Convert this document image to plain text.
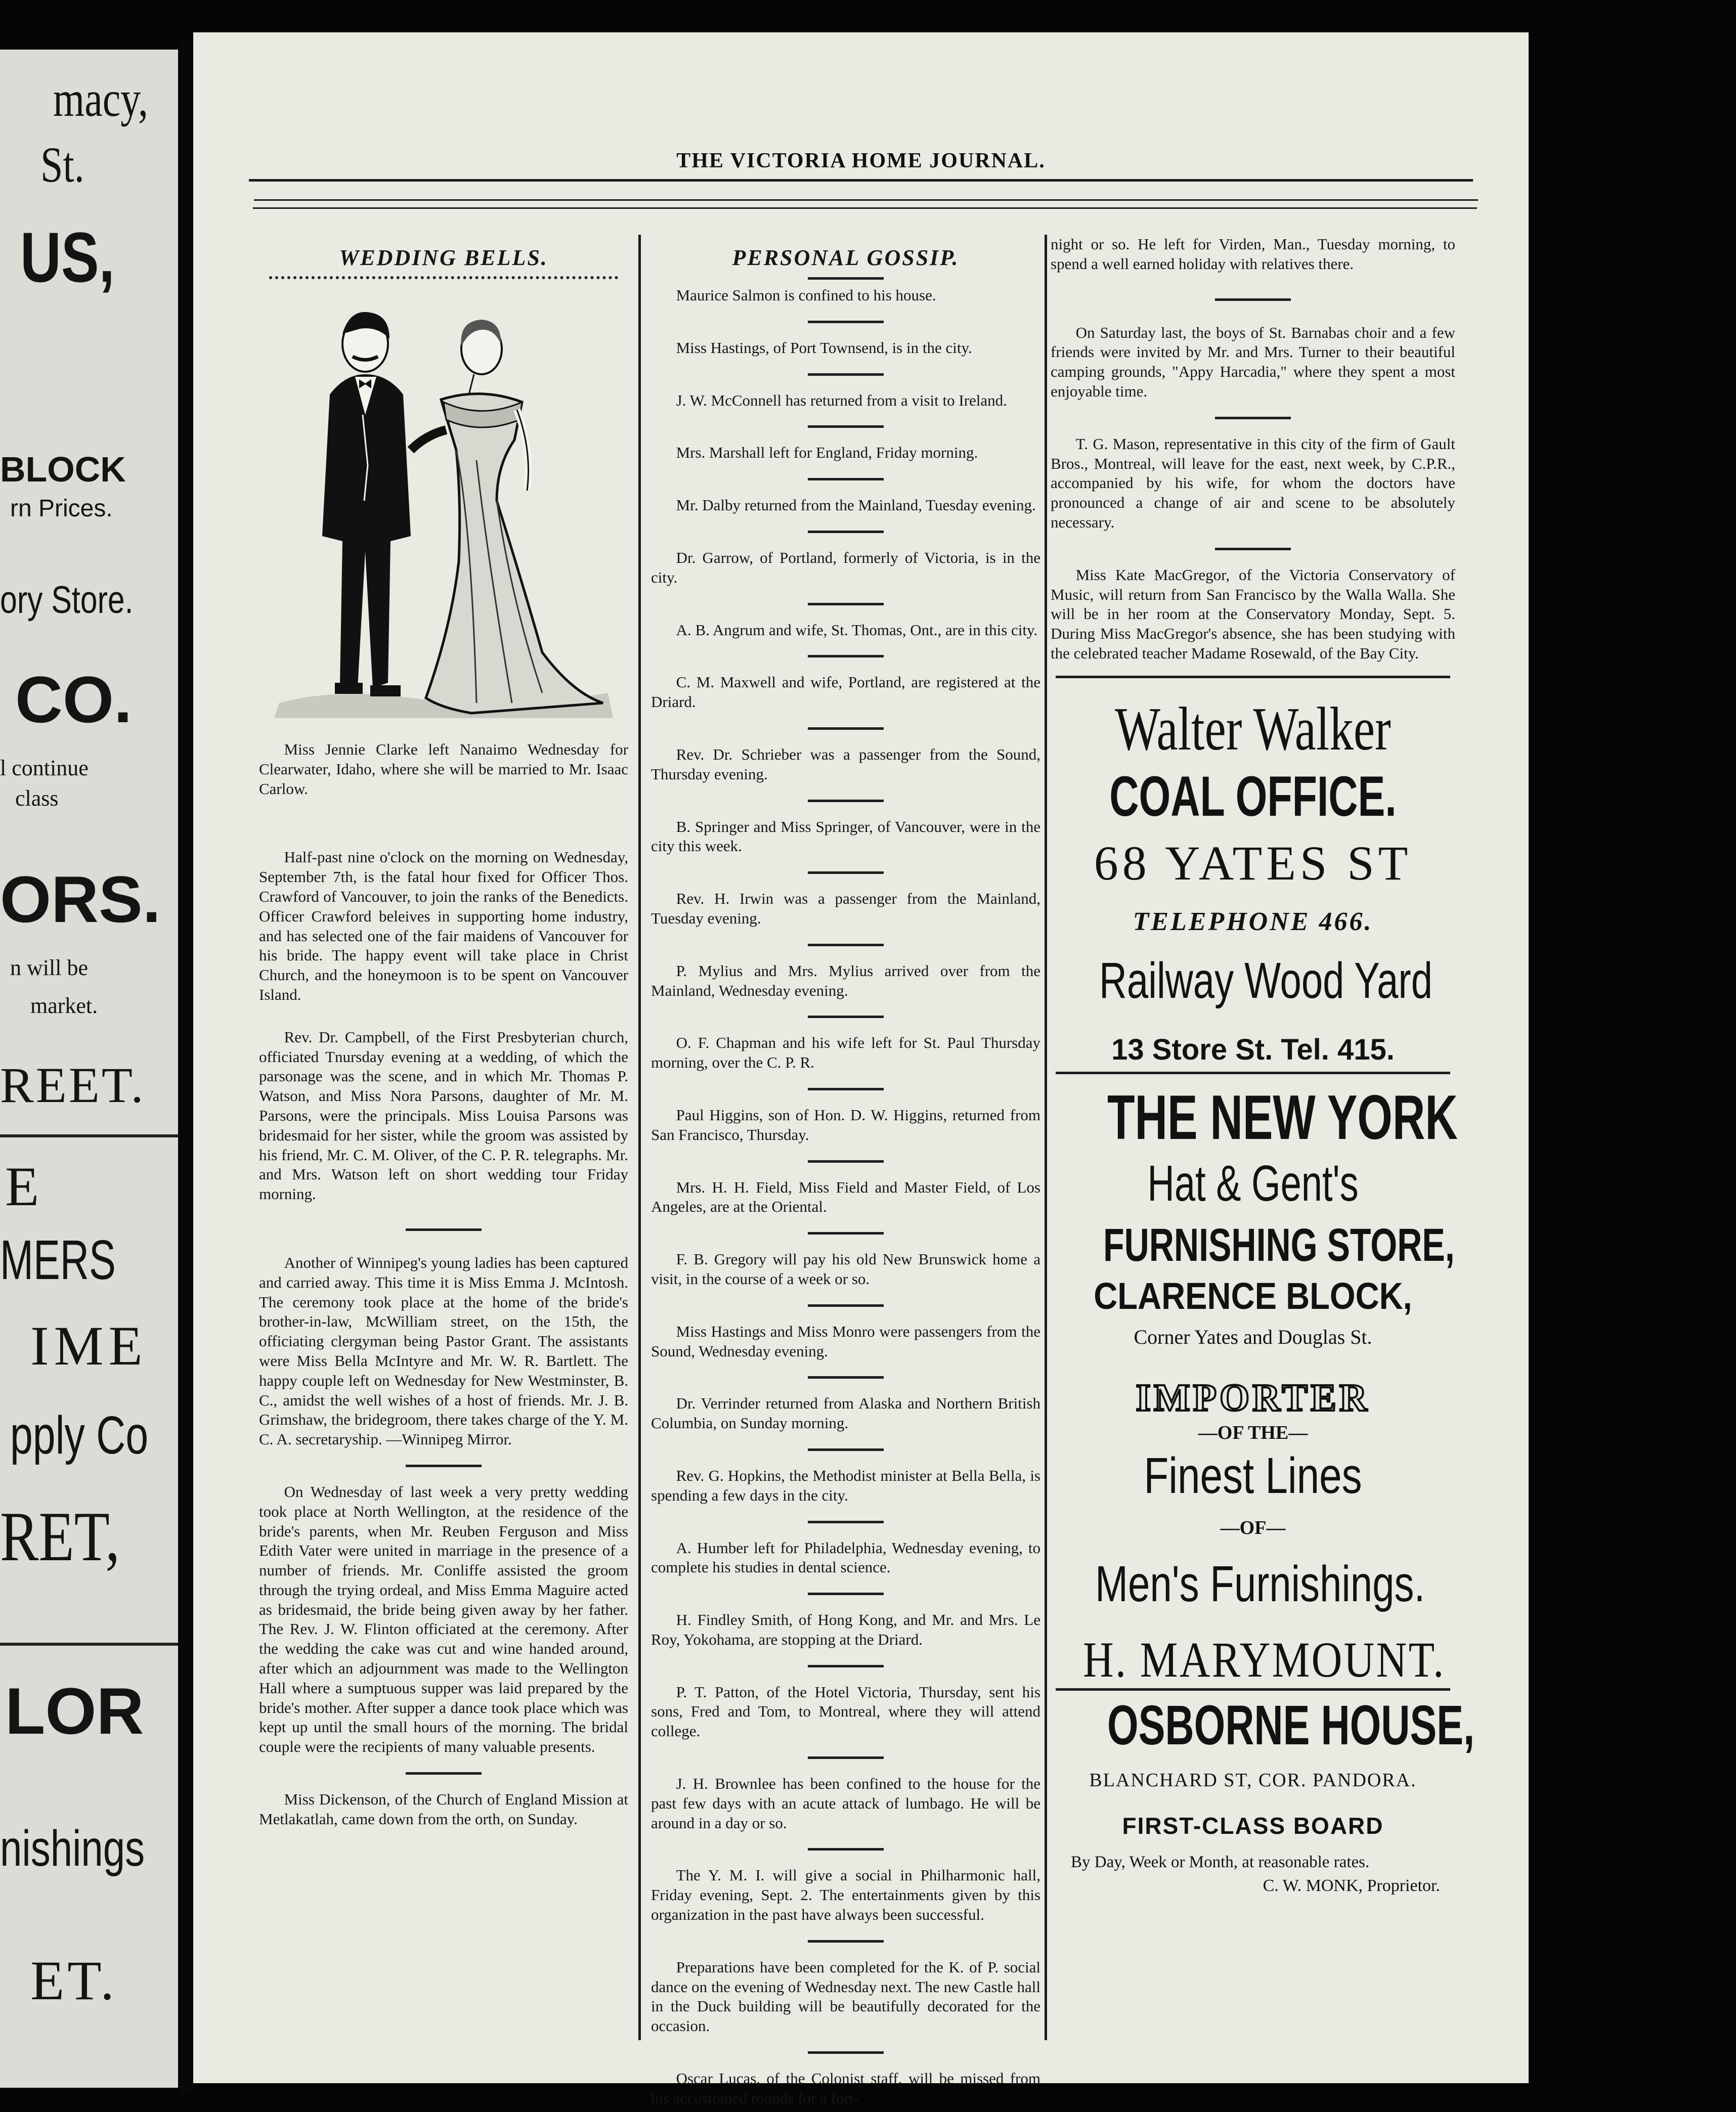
macy,
St.
US,
BLOCK
rn Prices.
ory Store.
CO.
l continue
class
ORS.
n will be
market.
REET.
E
MERS
IME
pply Co
RET,
LOR
nishings
ET.
THE VICTORIA HOME JOURNAL.
WEDDING BELLS.
Miss Jennie Clarke left Nanaimo Wednesday for Clearwater, Idaho, where she will be married to Mr. Isaac Carlow.
Half-past nine o'clock on the morning on Wednesday, September 7th, is the fatal hour fixed for Officer Thos. Crawford of Vancouver, to join the ranks of the Benedicts. Officer Crawford beleives in supporting home industry, and has selected one of the fair maidens of Vancouver for his bride. The happy event will take place in Christ Church, and the honeymoon is to be spent on Vancouver Island.
Rev. Dr. Campbell, of the First Presbyterian church, officiated Tnursday evening at a wedding, of which the parsonage was the scene, and in which Mr. Thomas P. Watson, and Miss Nora Parsons, daughter of Mr. M. Parsons, were the principals. Miss Louisa Parsons was bridesmaid for her sister, while the groom was assisted by his friend, Mr. C. M. Oliver, of the C. P. R. telegraphs. Mr. and Mrs. Watson left on short wedding tour Friday morning.
Another of Winnipeg's young ladies has been captured and carried away. This time it is Miss Emma J. McIntosh. The ceremony took place at the home of the bride's brother-in-law, McWilliam street, on the 15th, the officiating clergyman being Pastor Grant. The assistants were Miss Bella McIntyre and Mr. W. R. Bartlett. The happy couple left on Wednesday for New Westminster, B. C., amidst the well wishes of a host of friends. Mr. J. B. Grimshaw, the bridegroom, there takes charge of the Y. M. C. A. secretaryship. —Winnipeg Mirror.
On Wednesday of last week a very pretty wedding took place at North Wellington, at the residence of the bride's parents, when Mr. Reuben Ferguson and Miss Edith Vater were united in marriage in the presence of a number of friends. Mr. Conliffe assisted the groom through the trying ordeal, and Miss Emma Maguire acted as bridesmaid, the bride being given away by her father. The Rev. J. W. Flinton officiated at the ceremony. After the wedding the cake was cut and wine handed around, after which an adjournment was made to the Wellington Hall where a sumptuous supper was laid prepared by the bride's mother. After supper a dance took place which was kept up until the small hours of the morning. The bridal couple were the recipients of many valuable presents.
Miss Dickenson, of the Church of England Mission at Metlakatlah, came down from the orth, on Sunday.
PERSONAL GOSSIP.
Maurice Salmon is confined to his house.
Miss Hastings, of Port Townsend, is in the city.
J. W. McConnell has returned from a visit to Ireland.
Mrs. Marshall left for England, Friday morning.
Mr. Dalby returned from the Mainland, Tuesday evening.
Dr. Garrow, of Portland, formerly of Victoria, is in the city.
A. B. Angrum and wife, St. Thomas, Ont., are in this city.
C. M. Maxwell and wife, Portland, are registered at the Driard.
Rev. Dr. Schrieber was a passenger from the Sound, Thursday evening.
B. Springer and Miss Springer, of Vancouver, were in the city this week.
Rev. H. Irwin was a passenger from the Mainland, Tuesday evening.
P. Mylius and Mrs. Mylius arrived over from the Mainland, Wednesday evening.
O. F. Chapman and his wife left for St. Paul Thursday morning, over the C. P. R.
Paul Higgins, son of Hon. D. W. Higgins, returned from San Francisco, Thursday.
Mrs. H. H. Field, Miss Field and Master Field, of Los Angeles, are at the Oriental.
F. B. Gregory will pay his old New Brunswick home a visit, in the course of a week or so.
Miss Hastings and Miss Monro were passengers from the Sound, Wednesday evening.
Dr. Verrinder returned from Alaska and Northern British Columbia, on Sunday morning.
Rev. G. Hopkins, the Methodist minister at Bella Bella, is spending a few days in the city.
A. Humber left for Philadelphia, Wednesday evening, to complete his studies in dental science.
H. Findley Smith, of Hong Kong, and Mr. and Mrs. Le Roy, Yokohama, are stopping at the Driard.
P. T. Patton, of the Hotel Victoria, Thursday, sent his sons, Fred and Tom, to Montreal, where they will attend college.
J. H. Brownlee has been confined to the house for the past few days with an acute attack of lumbago. He will be around in a day or so.
The Y. M. I. will give a social in Philharmonic hall, Friday evening, Sept. 2. The entertainments given by this organization in the past have always been successful.
Preparations have been completed for the K. of P. social dance on the evening of Wednesday next. The new Castle hall in the Duck building will be beautifully decorated for the occasion.
Oscar Lucas, of the Colonist staff, will be missed from his accustomed rounds for a fort-
night or so. He left for Virden, Man., Tuesday morning, to spend a well earned holiday with relatives there.
On Saturday last, the boys of St. Barnabas choir and a few friends were invited by Mr. and Mrs. Turner to their beautiful camping grounds, "Appy Harcadia," where they spent a most enjoyable time.
T. G. Mason, representative in this city of the firm of Gault Bros., Montreal, will leave for the east, next week, by C.P.R., accompanied by his wife, for whom the doctors have pronounced a change of air and scene to be absolutely necessary.
Miss Kate MacGregor, of the Victoria Conservatory of Music, will return from San Francisco by the Walla Walla. She will be in her room at the Conservatory Monday, Sept. 5. During Miss MacGregor's absence, she has been studying with the celebrated teacher Madame Rosewald, of the Bay City.
Walter Walker
COAL OFFICE.
68 YATES ST
TELEPHONE 466.
Railway Wood Yard
13 Store St. Tel. 415.
THE NEW YORK
Hat & Gent's
FURNISHING STORE,
CLARENCE BLOCK,
Corner Yates and Douglas St.
IMPORTER
—OF THE—
Finest Lines
—OF—
Men's Furnishings.
H. MARYMOUNT.
OSBORNE HOUSE,
BLANCHARD ST, COR. PANDORA.
FIRST-CLASS BOARD
By Day, Week or Month, at reasonable rates.
C. W. MONK, Proprietor.
